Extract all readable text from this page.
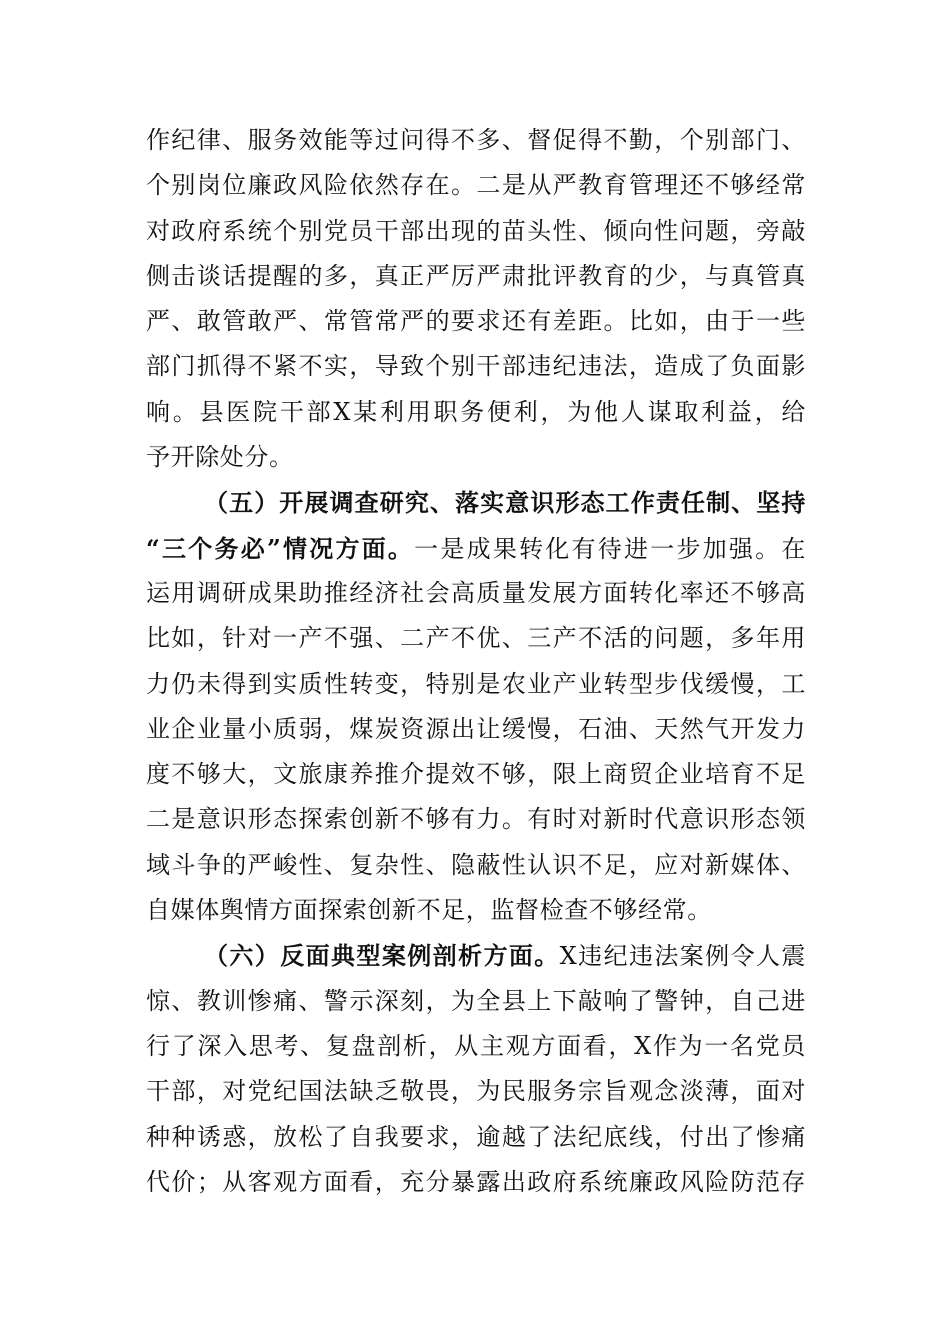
作纪律、服务效能等过问得不多、督促得不勤，个别部门、
个别岗位廉政风险依然存在。二是从严教育管理还不够经常
对政府系统个别党员干部出现的苗头性、倾向性问题，旁敲
侧击谈话提醒的多，真正严厉严肃批评教育的少，与真管真
严、敢管敢严、常管常严的要求还有差距。比如，由于一些
部门抓得不紧不实，导致个别干部违纪违法，造成了负面影
响。县医院干部X某利用职务便利，为他人谋取利益，给
予开除处分。
（五）开展调查研究、落实意识形态工作责任制、坚持
“三个务必”情况方面。一是成果转化有待进一步加强。在
运用调研成果助推经济社会高质量发展方面转化率还不够高
比如，针对一产不强、二产不优、三产不活的问题，多年用
力仍未得到实质性转变，特别是农业产业转型步伐缓慢，工
业企业量小质弱，煤炭资源出让缓慢，石油、天然气开发力
度不够大，文旅康养推介提效不够，限上商贸企业培育不足
二是意识形态探索创新不够有力。有时对新时代意识形态领
域斗争的严峻性、复杂性、隐蔽性认识不足，应对新媒体、
自媒体舆情方面探索创新不足，监督检查不够经常。
（六）反面典型案例剖析方面。X违纪违法案例令人震
惊、教训惨痛、警示深刻，为全县上下敲响了警钟，自己进
行了深入思考、复盘剖析，从主观方面看，X作为一名党员
干部，对党纪国法缺乏敬畏，为民服务宗旨观念淡薄，面对
种种诱惑，放松了自我要求，逾越了法纪底线，付出了惨痛
代价；从客观方面看，充分暴露出政府系统廉政风险防范存
